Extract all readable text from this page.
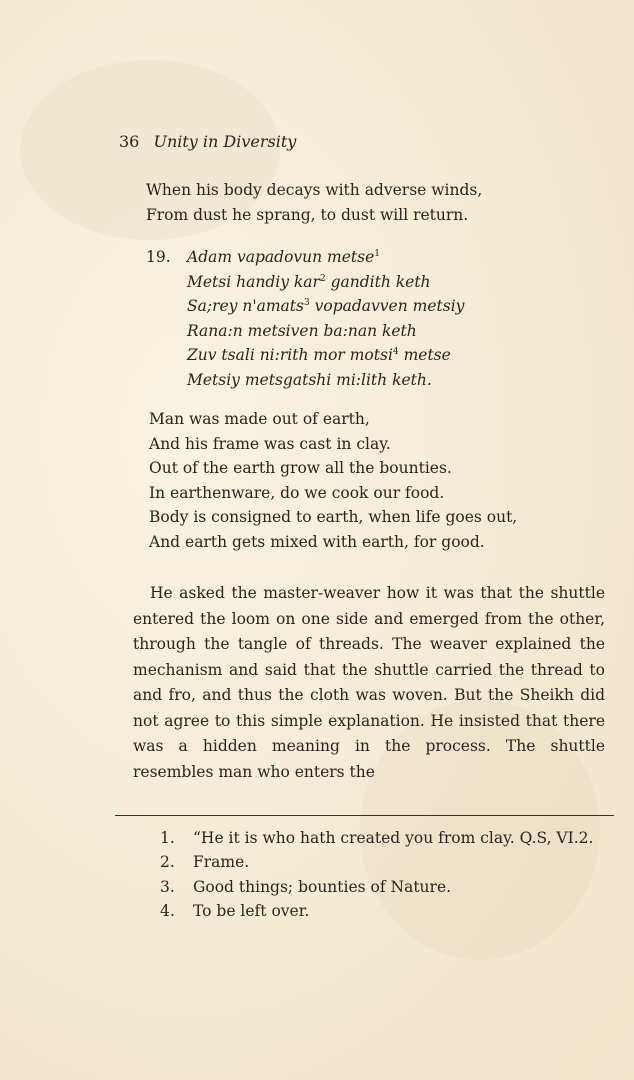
36 Unity in Diversity
When his body decays with adverse winds,
From dust he sprang, to dust will return.
19. Adam vapadovun metse$^1$
Metsi handiy kar$^2$ gandith keth
Sa;rey n'amats$^3$ vopadavven metsiy
Rana:n metsiven ba:nan keth
Zuv tsali ni:rith mor motsi$^4$ metse
Metsiy metsgatshi mi:lith keth.
Man was made out of earth,
And his frame was cast in clay.
Out of the earth grow all the bounties.
In earthenware, do we cook our food.
Body is consigned to earth, when life goes out,
And earth gets mixed with earth, for good.

He asked the master-weaver how it was that the shuttle entered the loom on one side and emerged from the other, through the tangle of threads. The weaver explained the mechanism and said that the shuttle carried the thread to and fro, and thus the cloth was woven. But the Sheikh did not agree to this simple explanation. He insisted that there was a hidden meaning in the process. The shuttle resembles man who enters the

1. “He it is who hath created you from clay. Q.S, VI.2.
2. Frame.
3. Good things; bounties of Nature.
4. To be left over.
